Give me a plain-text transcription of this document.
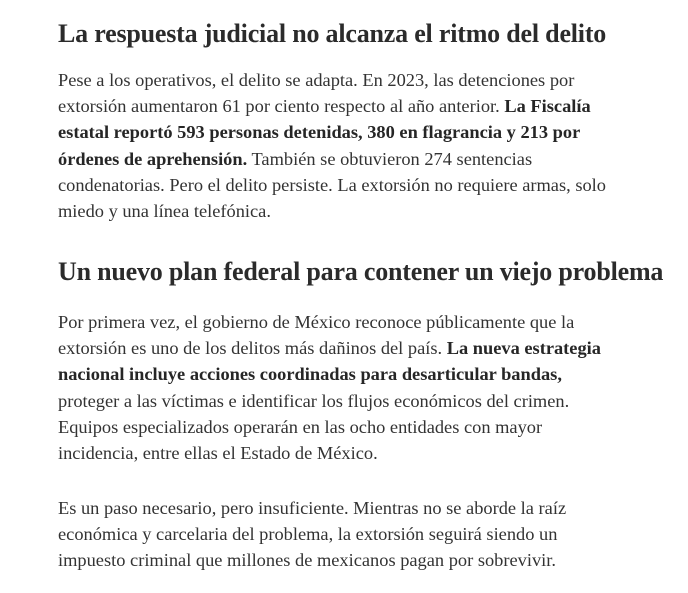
La respuesta judicial no alcanza el ritmo del delito

Pese a los operativos, el delito se adapta. En 2023, las detenciones por
extorsión aumentaron 61 por ciento respecto al año anterior. La Fiscalía
estatal reportó 593 personas detenidas, 380 en flagrancia y 213 por
órdenes de aprehensión. También se obtuvieron 274 sentencias
condenatorias. Pero el delito persiste. La extorsión no requiere armas, solo
miedo y una línea telefónica.

Un nuevo plan federal para contener un viejo problema

Por primera vez, el gobierno de México reconoce públicamente que la
extorsión es uno de los delitos más dañinos del país. La nueva estrategia
nacional incluye acciones coordinadas para desarticular bandas,
proteger a las víctimas e identificar los flujos económicos del crimen.
Equipos especializados operarán en las ocho entidades con mayor
incidencia, entre ellas el Estado de México.

Es un paso necesario, pero insuficiente. Mientras no se aborde la raíz
económica y carcelaria del problema, la extorsión seguirá siendo un
impuesto criminal que millones de mexicanos pagan por sobrevivir.
